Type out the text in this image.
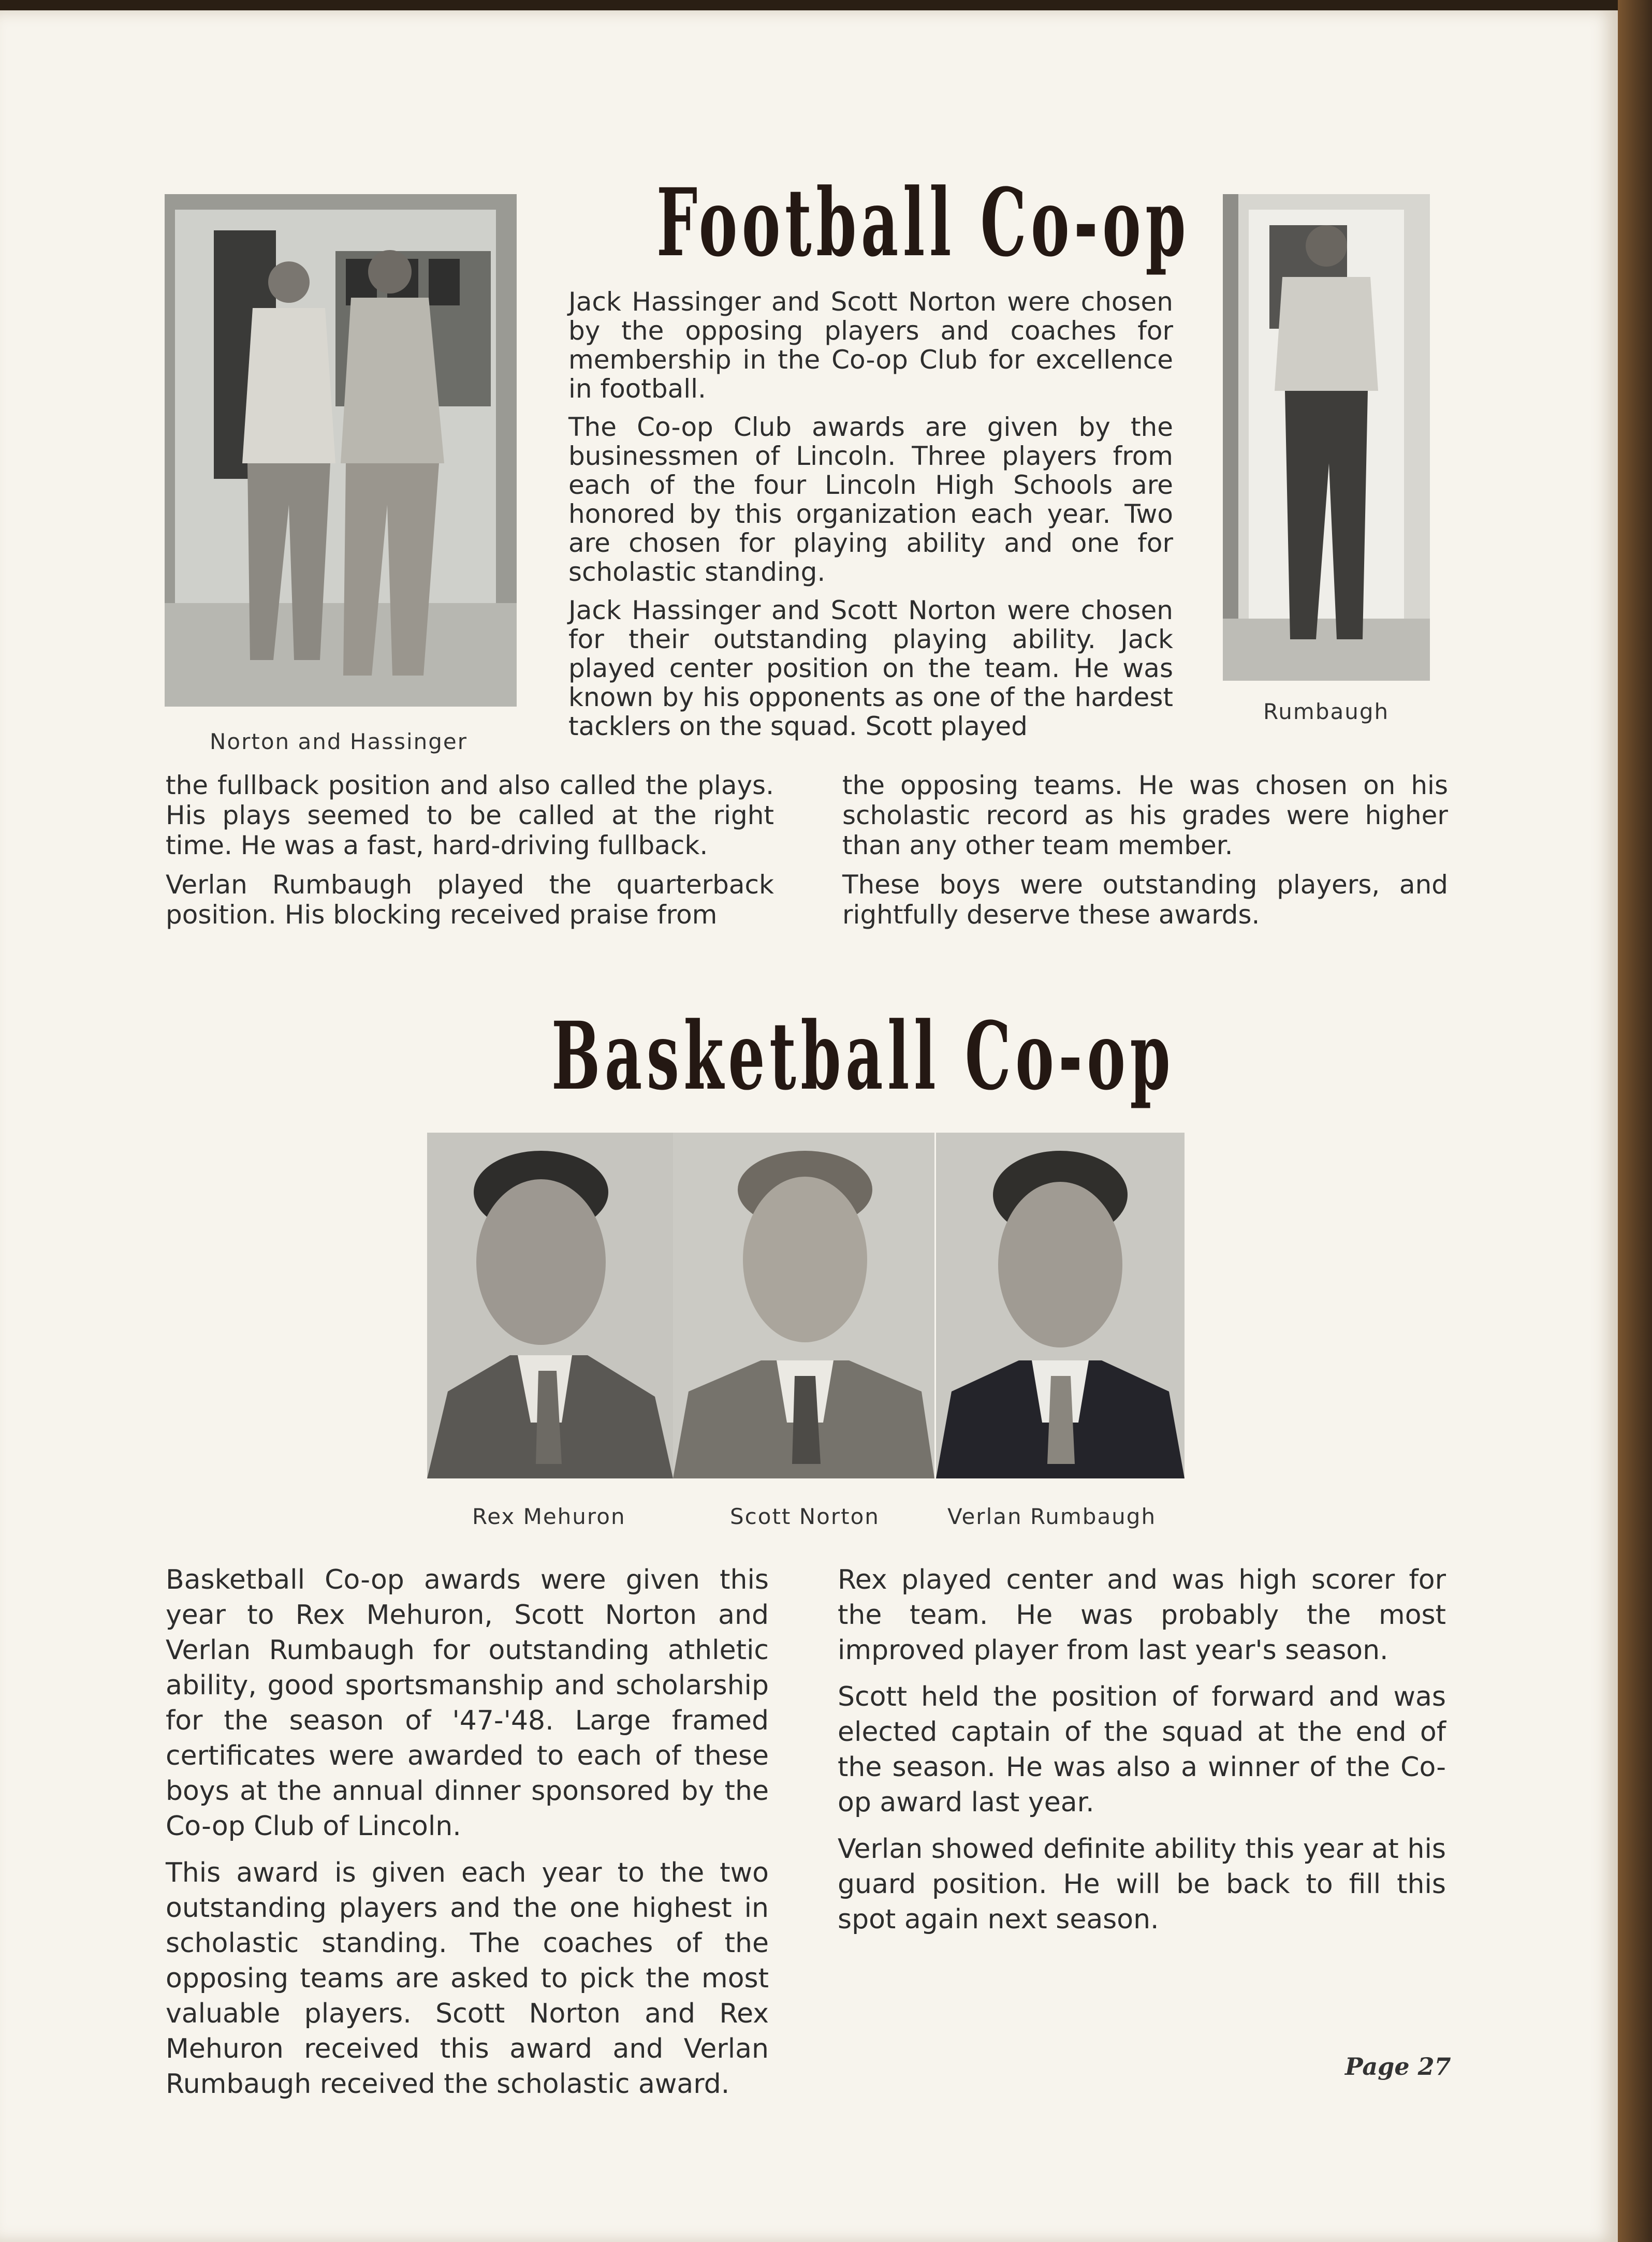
Football Co-op

Norton and Hassinger

Rumbaugh

Jack Hassinger and Scott Norton were chosen by the opposing players and coaches for membership in the Co-op Club for excellence in football.

The Co-op Club awards are given by the businessmen of Lincoln. Three players from each of the four Lincoln High Schools are honored by this organization each year. Two are chosen for playing ability and one for scholastic standing.

Jack Hassinger and Scott Norton were chosen for their outstanding playing ability. Jack played center position on the team. He was known by his opponents as one of the hardest tacklers on the squad. Scott played

the fullback position and also called the plays. His plays seemed to be called at the right time. He was a fast, hard-driving fullback.

Verlan Rumbaugh played the quarterback position. His blocking received praise from

the opposing teams. He was chosen on his scholastic record as his grades were higher than any other team member.

These boys were outstanding players, and rightfully deserve these awards.

Basketball Co-op

Rex Mehuron	Scott Norton	Verlan Rumbaugh

Basketball Co-op awards were given this year to Rex Mehuron, Scott Norton and Verlan Rumbaugh for outstanding athletic ability, good sportsmanship and scholarship for the season of '47-'48. Large framed certificates were awarded to each of these boys at the annual dinner sponsored by the Co-op Club of Lincoln.

This award is given each year to the two outstanding players and the one highest in scholastic standing. The coaches of the opposing teams are asked to pick the most valuable players. Scott Norton and Rex Mehuron received this award and Verlan Rumbaugh received the scholastic award.

Rex played center and was high scorer for the team. He was probably the most improved player from last year's season.

Scott held the position of forward and was elected captain of the squad at the end of the season. He was also a winner of the Co-op award last year.

Verlan showed definite ability this year at his guard position. He will be back to fill this spot again next season.

Page 27
